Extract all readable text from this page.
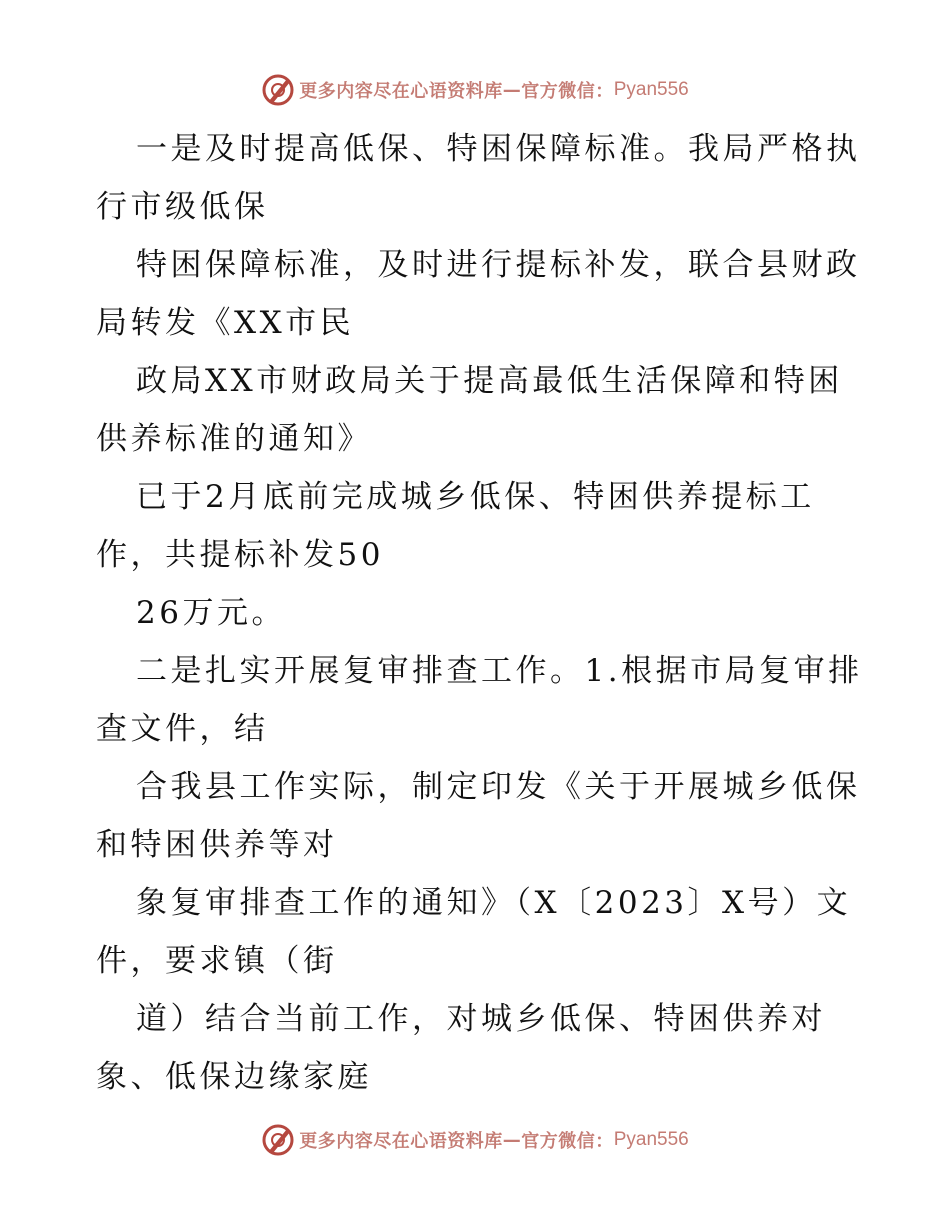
更多内容尽在心语资料库 — 官方微信： Pyan556

一是及时提高低保、特困保障标准。我局严格执

行市级低保

特困保障标准，及时进行提标补发，联合县财政

局转发《XX市民

政局XX市财政局关于提高最低生活保障和特困

供养标准的通知》

已于2月底前完成城乡低保、特困供养提标工

作，共提标补发50

26万元。

二是扎实开展复审排查工作。1.根据市局复审排

查文件，结

合我县工作实际，制定印发《关于开展城乡低保

和特困供养等对

象复审排查工作的通知》（X〔2023〕X号）文

件，要求镇（街

道）结合当前工作，对城乡低保、特困供养对

象、低保边缘家庭

更多内容尽在心语资料库 — 官方微信： Pyan556
